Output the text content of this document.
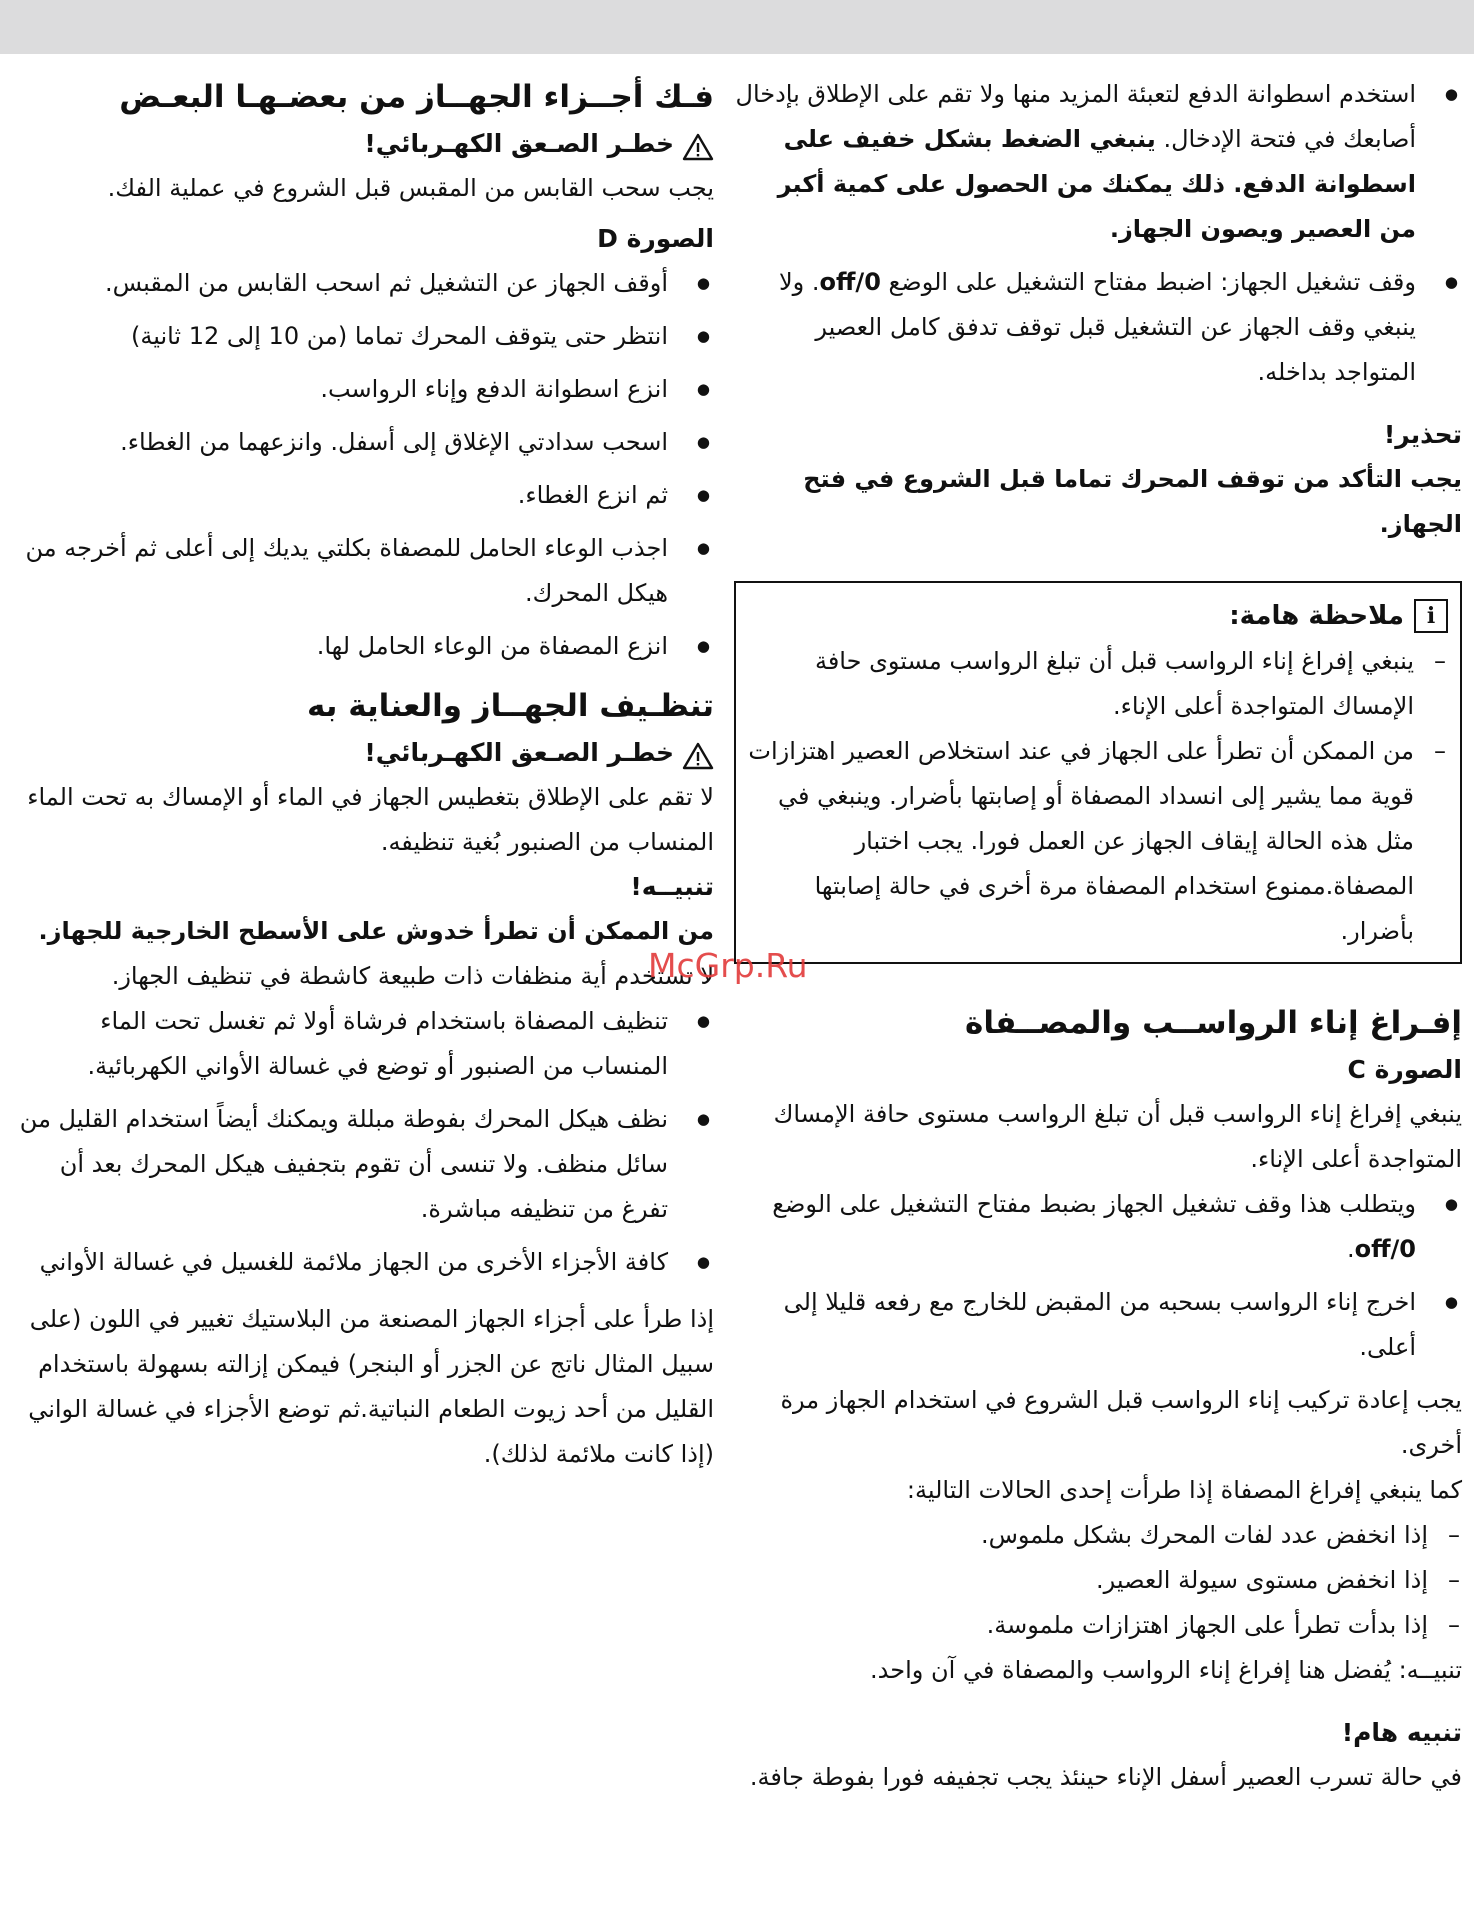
● استخدم اسطوانة الدفع لتعبئة المزيد منها ولا تقم على الإطلاق بإدخال أصابعك في فتحة الإدخال. ينبغي الضغط بشكل خفيف على اسطوانة الدفع. ذلك يمكنك من الحصول على كمية أكبر من العصير ويصون الجهاز.
● وقف تشغيل الجهاز: اضبط مفتاح التشغيل على الوضع off/0. ولا ينبغي وقف الجهاز عن التشغيل قبل توقف تدفق كامل العصير المتواجد بداخله.
تحذير!

يجب التأكد من توقف المحرك تماما قبل الشروع في فتح الجهاز.

i
ملاحظة هامة:
– ينبغي إفراغ إناء الرواسب قبل أن تبلغ الرواسب مستوى حافة الإمساك المتواجدة أعلى الإناء.
– من الممكن أن تطرأ على الجهاز في عند استخلاص العصير اهتزازات قوية مما يشير إلى انسداد المصفاة أو إصابتها بأضرار. وينبغي في مثل هذه الحالة إيقاف الجهاز عن العمل فورا. يجب اختبار المصفاة.ممنوع استخدام المصفاة مرة أخرى في حالة إصابتها بأضرار.
إفـراغ إناء الرواســب والمصــفاة
الصورة C

ينبغي إفراغ إناء الرواسب قبل أن تبلغ الرواسب مستوى حافة الإمساك المتواجدة أعلى الإناء.

● ويتطلب هذا وقف تشغيل الجهاز بضبط مفتاح التشغيل على الوضع off/0.
● اخرج إناء الرواسب بسحبه من المقبض للخارج مع رفعه قليلا إلى أعلى.

يجب إعادة تركيب إناء الرواسب قبل الشروع في استخدام الجهاز مرة أخرى.

كما ينبغي إفراغ المصفاة إذا طرأت إحدى الحالات التالية:

– إذا انخفض عدد لفات المحرك بشكل ملموس.
– إذا انخفض مستوى سيولة العصير.
– إذا بدأت تطرأ على الجهاز اهتزازات ملموسة.

تنبيــه: يُفضل هنا إفراغ إناء الرواسب والمصفاة في آن واحد.

تنبيه هام!

في حالة تسرب العصير أسفل الإناء حينئذ يجب تجفيفه فورا بفوطة جافة.

فـك أجــزاء الجهــاز من بعضـهـا البعـض
خطـر الصـعق الكهـربائي!

يجب سحب القابس من المقبس قبل الشروع في عملية الفك.

الصورة D
● أوقف الجهاز عن التشغيل ثم اسحب القابس من المقبس.
● انتظر حتى يتوقف المحرك تماما (من 10 إلى 12 ثانية)
● انزع اسطوانة الدفع وإناء الرواسب.
● اسحب سدادتي الإغلاق إلى أسفل. وانزعهما من الغطاء.
● ثم انزع الغطاء.
● اجذب الوعاء الحامل للمصفاة بكلتي يديك إلى أعلى ثم أخرجه من هيكل المحرك.
● انزع المصفاة من الوعاء الحامل لها.
تنظـيف الجهــاز والعناية به
خطـر الصـعق الكهـربائي!

لا تقم على الإطلاق بتغطيس الجهاز في الماء أو الإمساك به تحت الماء المنساب من الصنبور بُغية تنظيفه.

تنبيــه!

من الممكن أن تطرأ خدوش على الأسطح الخارجية للجهاز.

لا تستخدم أية منظفات ذات طبيعة كاشطة في تنظيف الجهاز.

● تنظيف المصفاة باستخدام فرشاة أولا ثم تغسل تحت الماء المنساب من الصنبور أو توضع في غسالة الأواني الكهربائية.
● نظف هيكل المحرك بفوطة مبللة ويمكنك أيضاً استخدام القليل من سائل منظف. ولا تنسى أن تقوم بتجفيف هيكل المحرك بعد أن تفرغ من تنظيفه مباشرة.
● كافة الأجزاء الأخرى من الجهاز ملائمة للغسيل في غسالة الأواني

إذا طرأ على أجزاء الجهاز المصنعة من البلاستيك تغيير في اللون (على سبيل المثال ناتج عن الجزر أو البنجر) فيمكن إزالته بسهولة باستخدام القليل من أحد زيوت الطعام النباتية.ثم توضع الأجزاء في غسالة الواني (إذا كانت ملائمة لذلك).

McGrp.Ru
